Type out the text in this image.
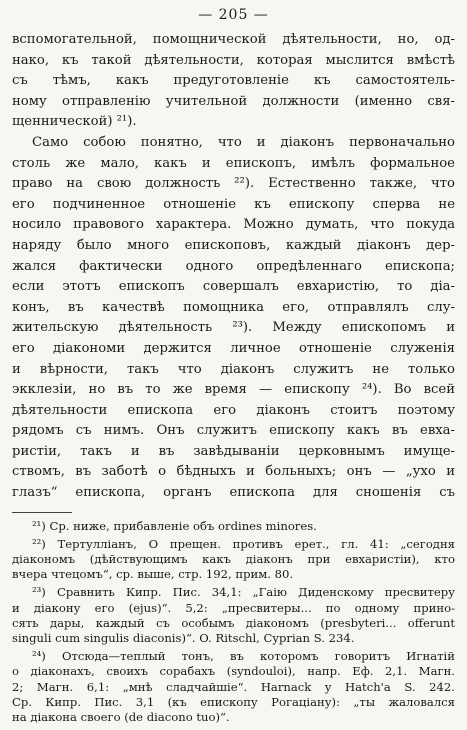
— 205 —
вспомогательной, помощнической дѣятельности, но, од-
нако, къ такой дѣятельности, которая мыслится вмѣстѣ
съ тѣмъ, какъ предуготовленіе къ самостоятель-
ному отправленію учительной должности (именно свя-
щеннической) ²¹).
Само собою понятно, что и діаконъ первоначально
столь же мало, какъ и епископъ, имѣлъ формальное
право на свою должность ²²). Естественно также, что
его подчиненное отношеніе къ епископу сперва не
носило правового характера. Можно думать, что покуда
наряду было много епископовъ, каждый діаконъ дер-
жался фактически одного опредѣленнаго епископа;
если этотъ епископъ совершалъ евхаристію, то діа-
конъ, въ качествѣ помощника его, отправлялъ слу-
жительскую дѣятельность ²³). Между епископомъ и
его діакономи держится личное отношеніе служенія
и вѣрности, такъ что діаконъ служитъ не только
экклезіи, но въ то же время — епископу ²⁴). Во всей
дѣятельности епископа его діаконъ стоитъ поэтому
рядомъ съ нимъ. Онъ служитъ епископу какъ въ евха-
ристіи, такъ и въ завѣдываніи церковнымъ имуще-
ствомъ, въ заботѣ о бѣдныхъ и больныхъ; онъ — „ухо и
глазъ“ епископа, органъ епископа для сношенія съ
²¹) Ср. ниже, прибавленіе объ ordines minores.
²²) Тертулліанъ, О прещен. противъ ерет., гл. 41: „сегодня
діакономъ (дѣйствующимъ какъ діаконъ при евхаристіи), кто
вчера чтецомъ“, ср. выше, стр. 192, прим. 80.
²³) Сравнить Кипр. Пис. 34,1: „Гаію Диденскому пресвитеру
и діакону его (ejus)“. 5,2: „пресвитеры... по одному прино-
сять дары, каждый съ особымъ діакономъ (presbyteri... offerunt
singuli cum singulis diaconis)“. O. Ritschl, Cyprian S. 234.
²⁴) Отсюда—теплый тонъ, въ которомъ говоритъ Игнатій
о діаконахъ, своихъ сорабахъ (syndouloi), напр. Еф. 2,1. Магн.
2; Магн. 6,1: „мнѣ сладчайшіе“. Harnack y Hatch'a S. 242.
Ср. Кипр. Пис. 3,1 (къ епископу Рогаціану): „ты жаловался
на діакона своего (de diacono tuo)“.
